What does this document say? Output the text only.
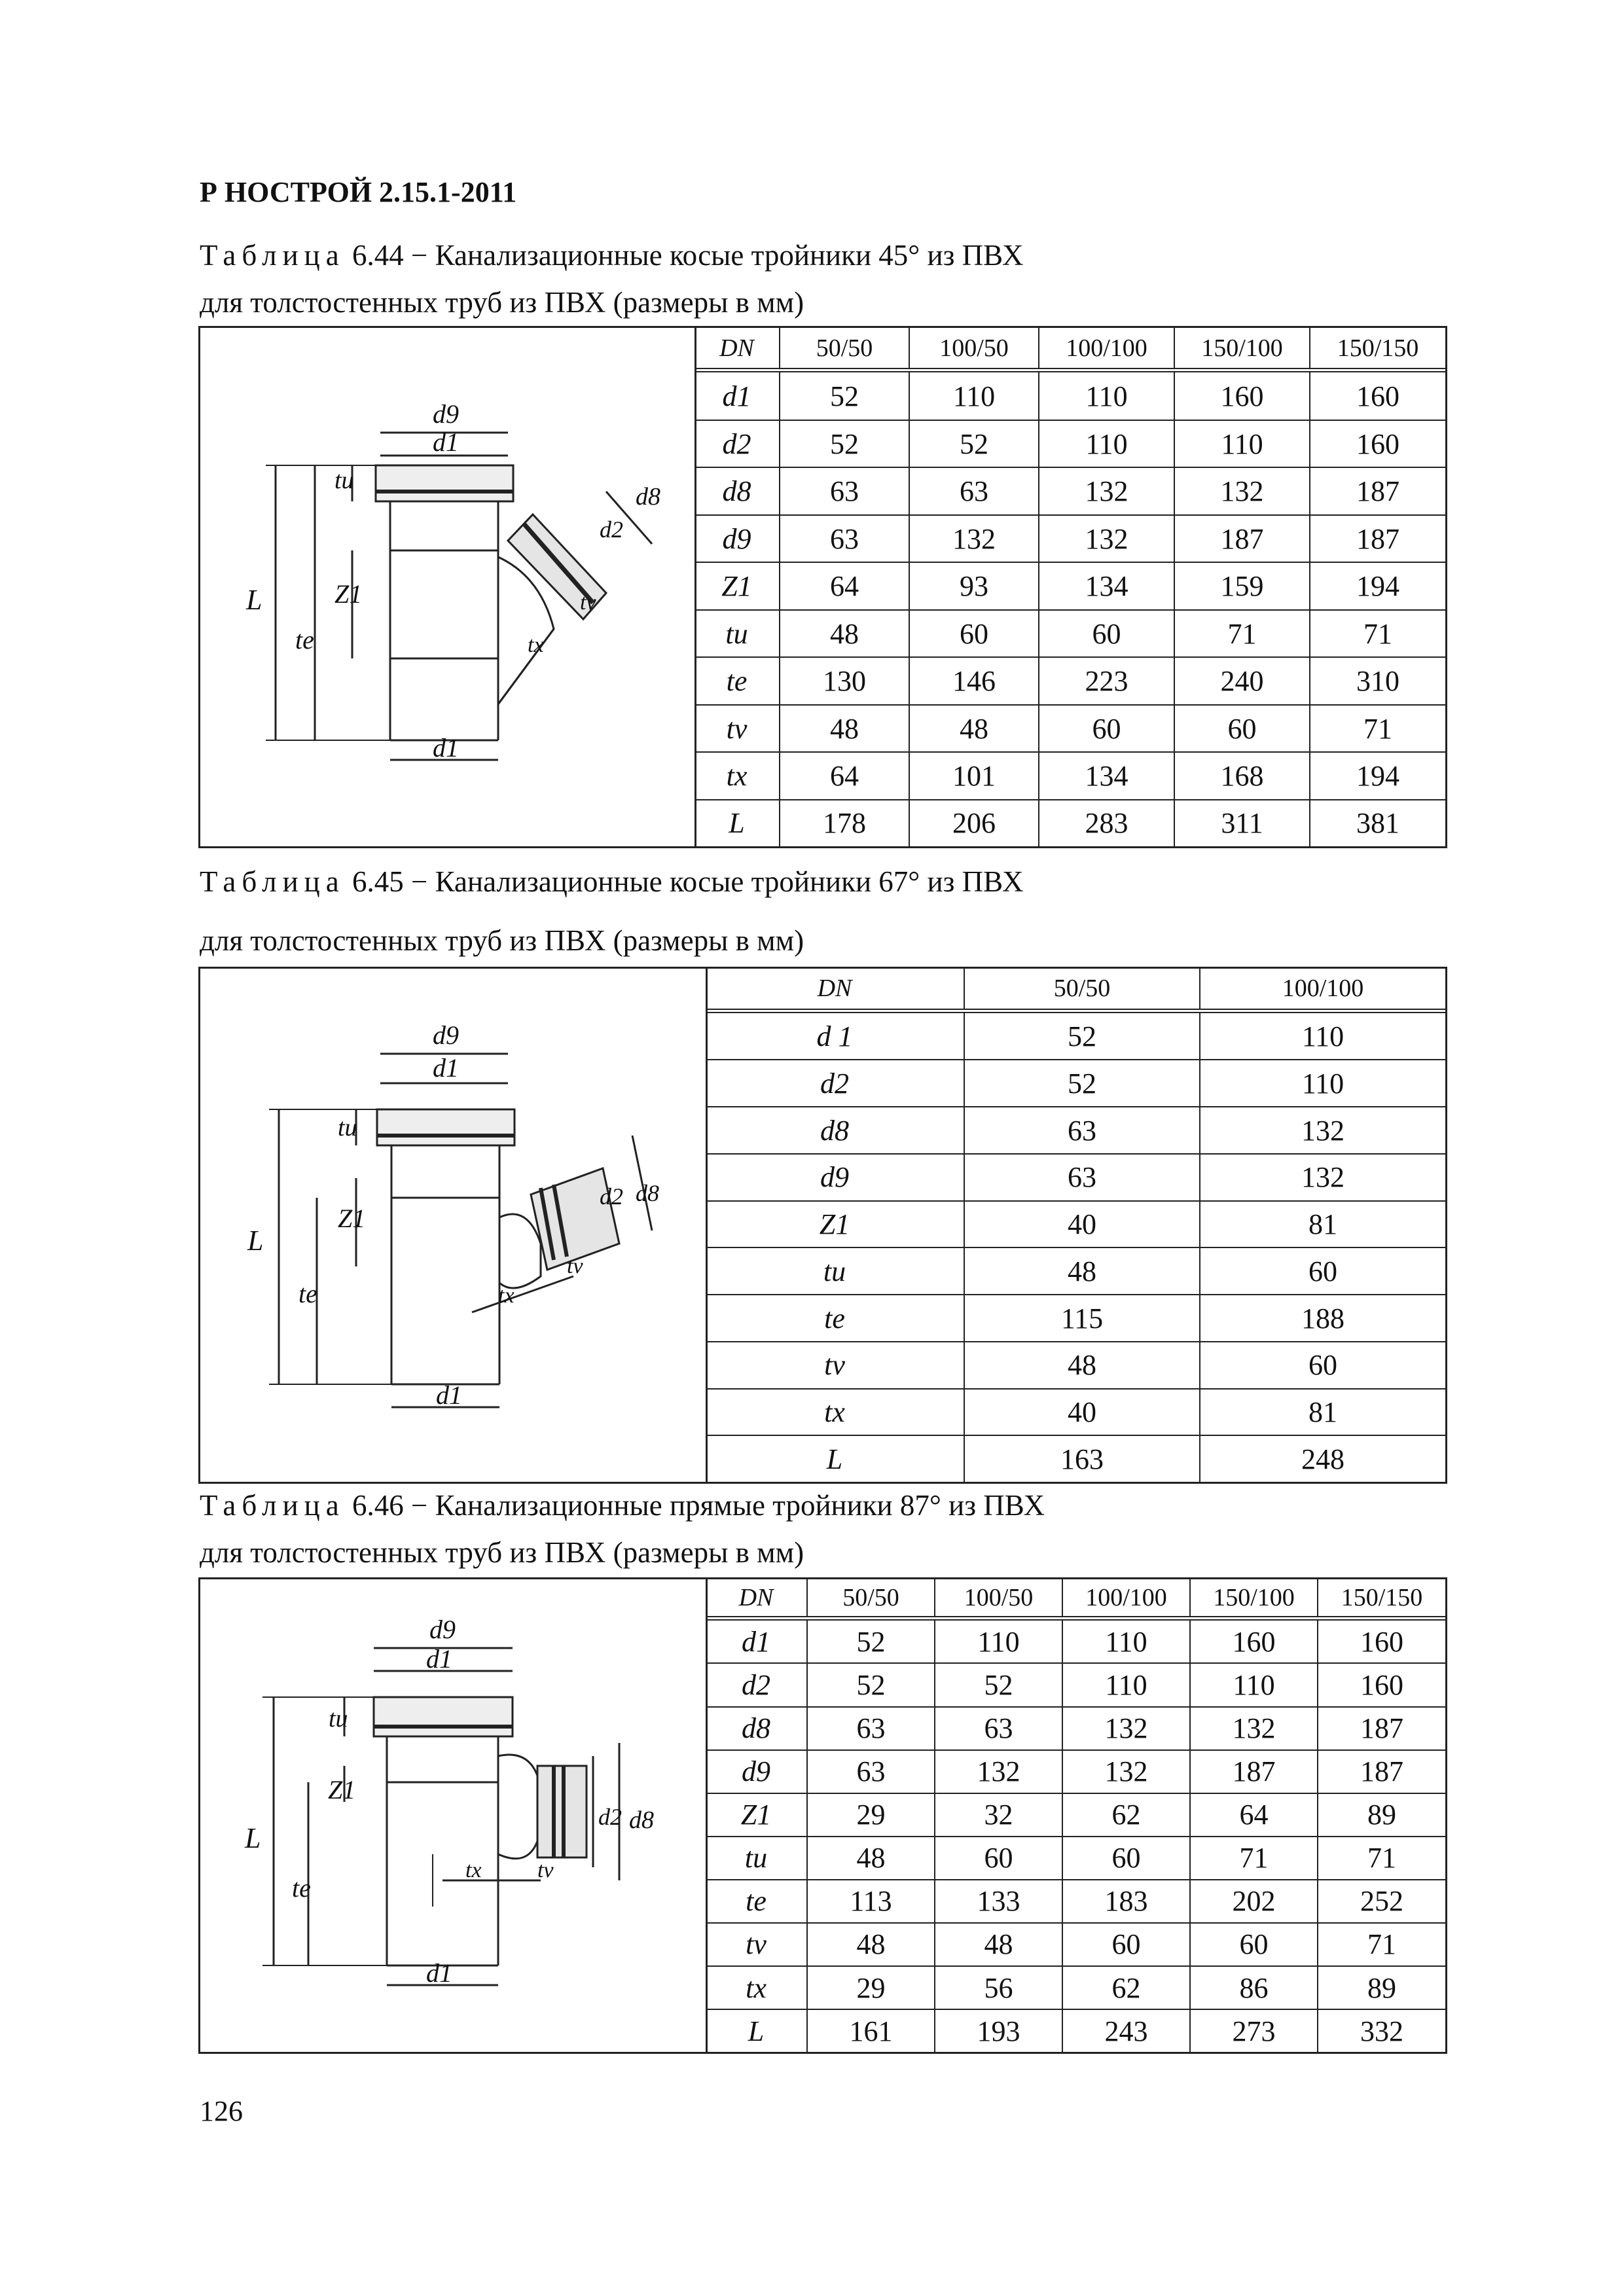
Р НОСТРОЙ 2.15.1-2011
Таблица 6.44 − Канализационные косые тройники 45° из ПВХ
для толстостенных труб из ПВХ (размеры в мм)
d9
d1
L
te
tu
Z1
d1
d8
d2
tv
tx
DN	50/50	100/50	100/100	150/100	150/150
d1	52	110	110	160	160
d2	52	52	110	110	160
d8	63	63	132	132	187
d9	63	132	132	187	187
Z1	64	93	134	159	194
tu	48	60	60	71	71
te	130	146	223	240	310
tv	48	48	60	60	71
tx	64	101	134	168	194
L	178	206	283	311	381
Таблица 6.45 − Канализационные косые тройники 67° из ПВХ
для толстостенных труб из ПВХ (размеры в мм)
d9
d1
L
te
tu
Z1
d1
d8
d2
tv
tx
DN	50/50	100/100
d 1	52	110
d2	52	110
d8	63	132
d9	63	132
Z1	40	81
tu	48	60
te	115	188
tv	48	60
tx	40	81
L	163	248
Таблица 6.46 − Канализационные прямые тройники 87° из ПВХ
для толстостенных труб из ПВХ (размеры в мм)
d9
d1
L
te
tu
Z1
d1
d8
d2
tv
tx
DN	50/50	100/50	100/100	150/100	150/150
d1	52	110	110	160	160
d2	52	52	110	110	160
d8	63	63	132	132	187
d9	63	132	132	187	187
Z1	29	32	62	64	89
tu	48	60	60	71	71
te	113	133	183	202	252
tv	48	48	60	60	71
tx	29	56	62	86	89
L	161	193	243	273	332
126
